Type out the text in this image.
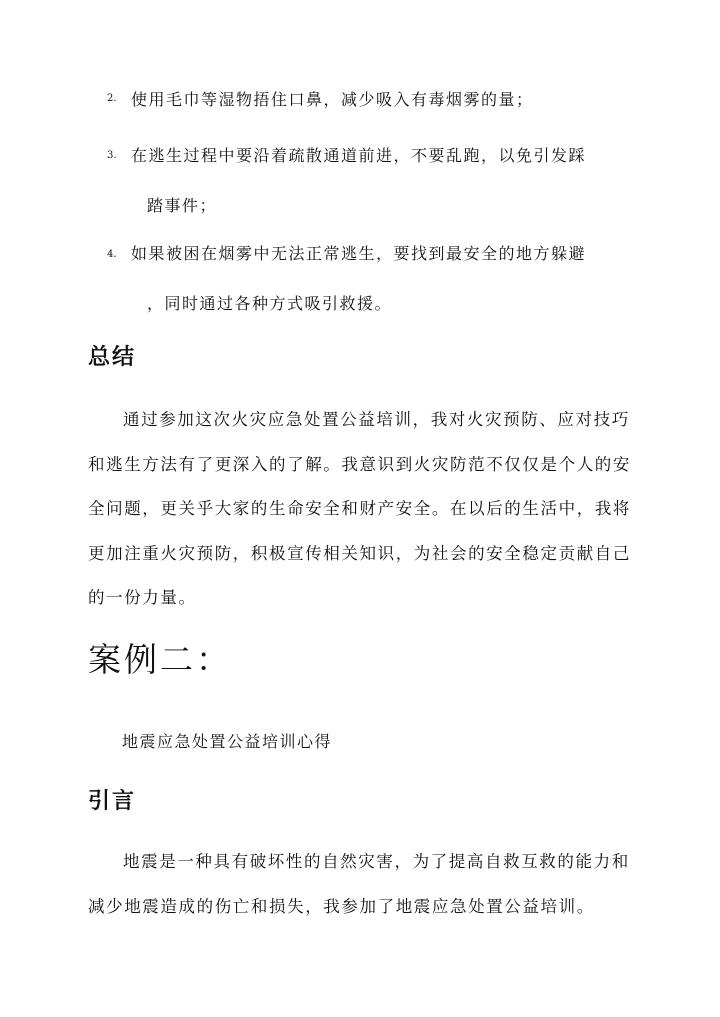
2. 使用毛巾等湿物捂住口鼻，减少吸入有毒烟雾的量；
3. 在逃生过程中要沿着疏散通道前进，不要乱跑，以免引发踩
踏事件；
4. 如果被困在烟雾中无法正常逃生，要找到最安全的地方躲避
，同时通过各种方式吸引救援。
总结
通过参加这次火灾应急处置公益培训，我对火灾预防、应对技巧和逃生方法有了更深入的了解。我意识到火灾防范不仅仅是个人的安全问题，更关乎大家的生命安全和财产安全。在以后的生活中，我将更加注重火灾预防，积极宣传相关知识，为社会的安全稳定贡献自己的一份力量。
案例二：
地震应急处置公益培训心得
引言
地震是一种具有破坏性的自然灾害，为了提高自救互救的能力和减少地震造成的伤亡和损失，我参加了地震应急处置公益培训。
